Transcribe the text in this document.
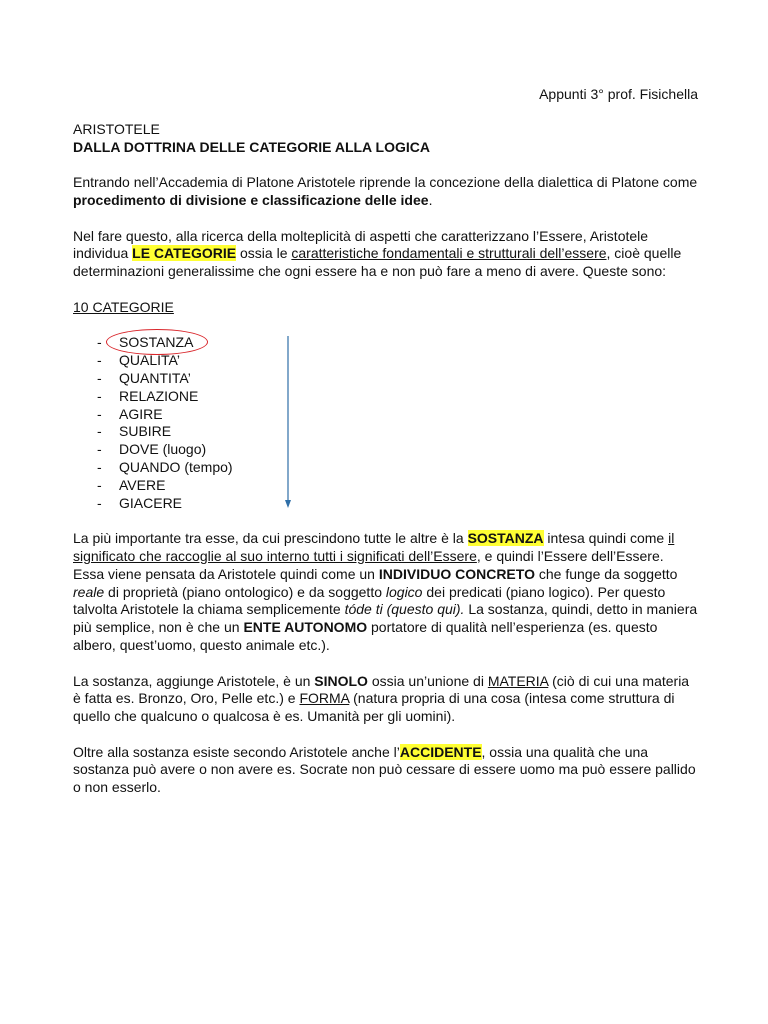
Appunti 3° prof. Fisichella

ARISTOTELE

DALLA DOTTRINA DELLE CATEGORIE ALLA LOGICA

Entrando nell’Accademia di Platone Aristotele riprende la concezione della dialettica di Platone come procedimento di divisione e classificazione delle idee.

Nel fare questo, alla ricerca della molteplicità di aspetti che caratterizzano l’Essere, Aristotele individua LE CATEGORIE ossia le caratteristiche fondamentali e strutturali dell’essere, cioè quelle determinazioni generalissime che ogni essere ha e non può fare a meno di avere. Queste sono:

10 CATEGORIE

- SOSTANZA
- QUALITA’
- QUANTITA’
- RELAZIONE
- AGIRE
- SUBIRE
- DOVE (luogo)
- QUANDO (tempo)
- AVERE
- GIACERE

La più importante tra esse, da cui prescindono tutte le altre è la SOSTANZA intesa quindi come il significato che raccoglie al suo interno tutti i significati dell’Essere, e quindi l’Essere dell’Essere. Essa viene pensata da Aristotele quindi come un INDIVIDUO CONCRETO che funge da soggetto reale di proprietà (piano ontologico) e da soggetto logico dei predicati (piano logico). Per questo talvolta Aristotele la chiama semplicemente tóde ti (questo qui). La sostanza, quindi, detto in maniera più semplice, non è che un ENTE AUTONOMO portatore di qualità nell’esperienza (es. questo albero, quest’uomo, questo animale etc.).

La sostanza, aggiunge Aristotele, è un SINOLO ossia un’unione di MATERIA (ciò di cui una materia è fatta es. Bronzo, Oro, Pelle etc.) e FORMA (natura propria di una cosa (intesa come struttura di quello che qualcuno o qualcosa è es. Umanità per gli uomini).

Oltre alla sostanza esiste secondo Aristotele anche l’ACCIDENTE, ossia una qualità che una sostanza può avere o non avere es. Socrate non può cessare di essere uomo ma può essere pallido o non esserlo.
